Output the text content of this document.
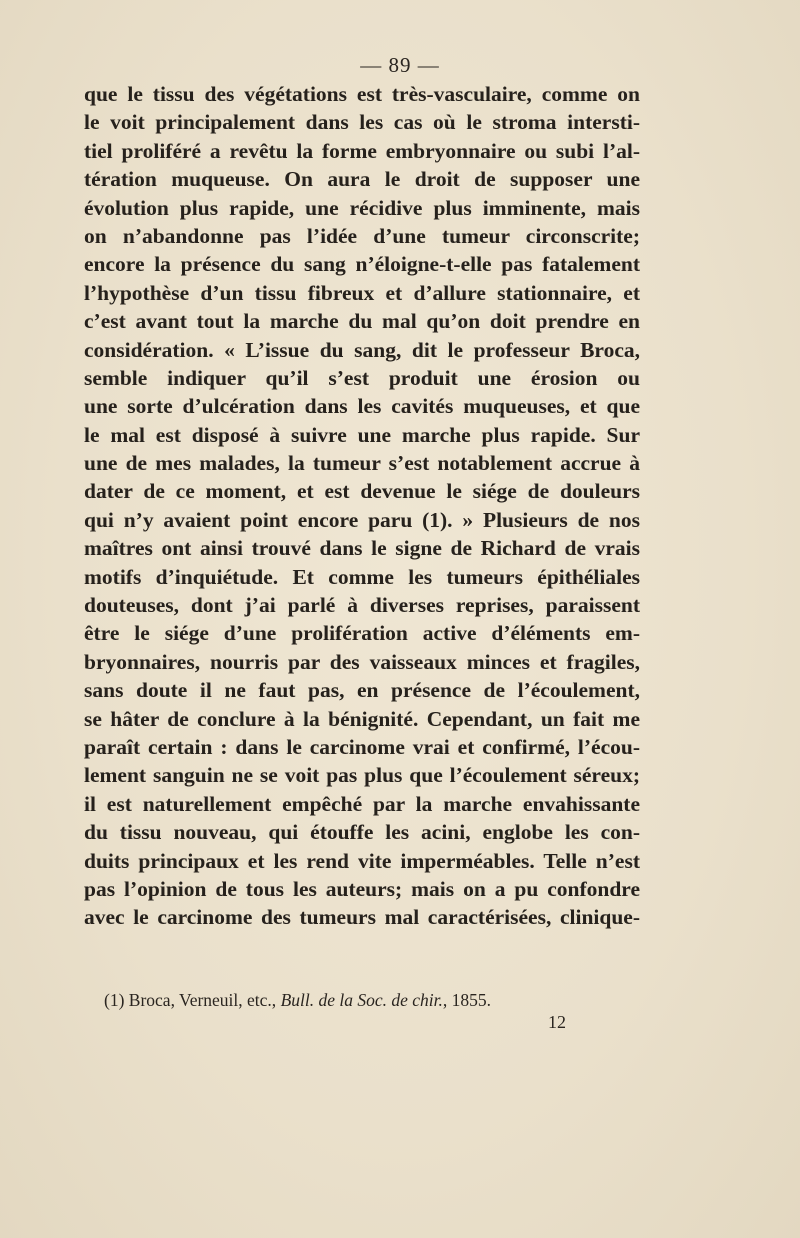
— 89 —
que le tissu des végétations est très-vasculaire, comme on
le voit principalement dans les cas où le stroma intersti-
tiel proliféré a revêtu la forme embryonnaire ou subi l’al-
tération muqueuse. On aura le droit de supposer une
évolution plus rapide, une récidive plus imminente, mais
on n’abandonne pas l’idée d’une tumeur circonscrite;
encore la présence du sang n’éloigne-t-elle pas fatalement
l’hypothèse d’un tissu fibreux et d’allure stationnaire, et
c’est avant tout la marche du mal qu’on doit prendre en
considération. « L’issue du sang, dit le professeur Broca,
semble indiquer qu’il s’est produit une érosion ou
une sorte d’ulcération dans les cavités muqueuses, et que
le mal est disposé à suivre une marche plus rapide. Sur
une de mes malades, la tumeur s’est notablement accrue à
dater de ce moment, et est devenue le siége de douleurs
qui n’y avaient point encore paru (1). » Plusieurs de nos
maîtres ont ainsi trouvé dans le signe de Richard de vrais
motifs d’inquiétude. Et comme les tumeurs épithéliales
douteuses, dont j’ai parlé à diverses reprises, paraissent
être le siége d’une prolifération active d’éléments em-
bryonnaires, nourris par des vaisseaux minces et fragiles,
sans doute il ne faut pas, en présence de l’écoulement,
se hâter de conclure à la bénignité. Cependant, un fait me
paraît certain : dans le carcinome vrai et confirmé, l’écou-
lement sanguin ne se voit pas plus que l’écoulement séreux;
il est naturellement empêché par la marche envahissante
du tissu nouveau, qui étouffe les acini, englobe les con-
duits principaux et les rend vite imperméables. Telle n’est
pas l’opinion de tous les auteurs; mais on a pu confondre
avec le carcinome des tumeurs mal caractérisées, clinique-
(1) Broca, Verneuil, etc., Bull. de la Soc. de chir., 1855.
12
